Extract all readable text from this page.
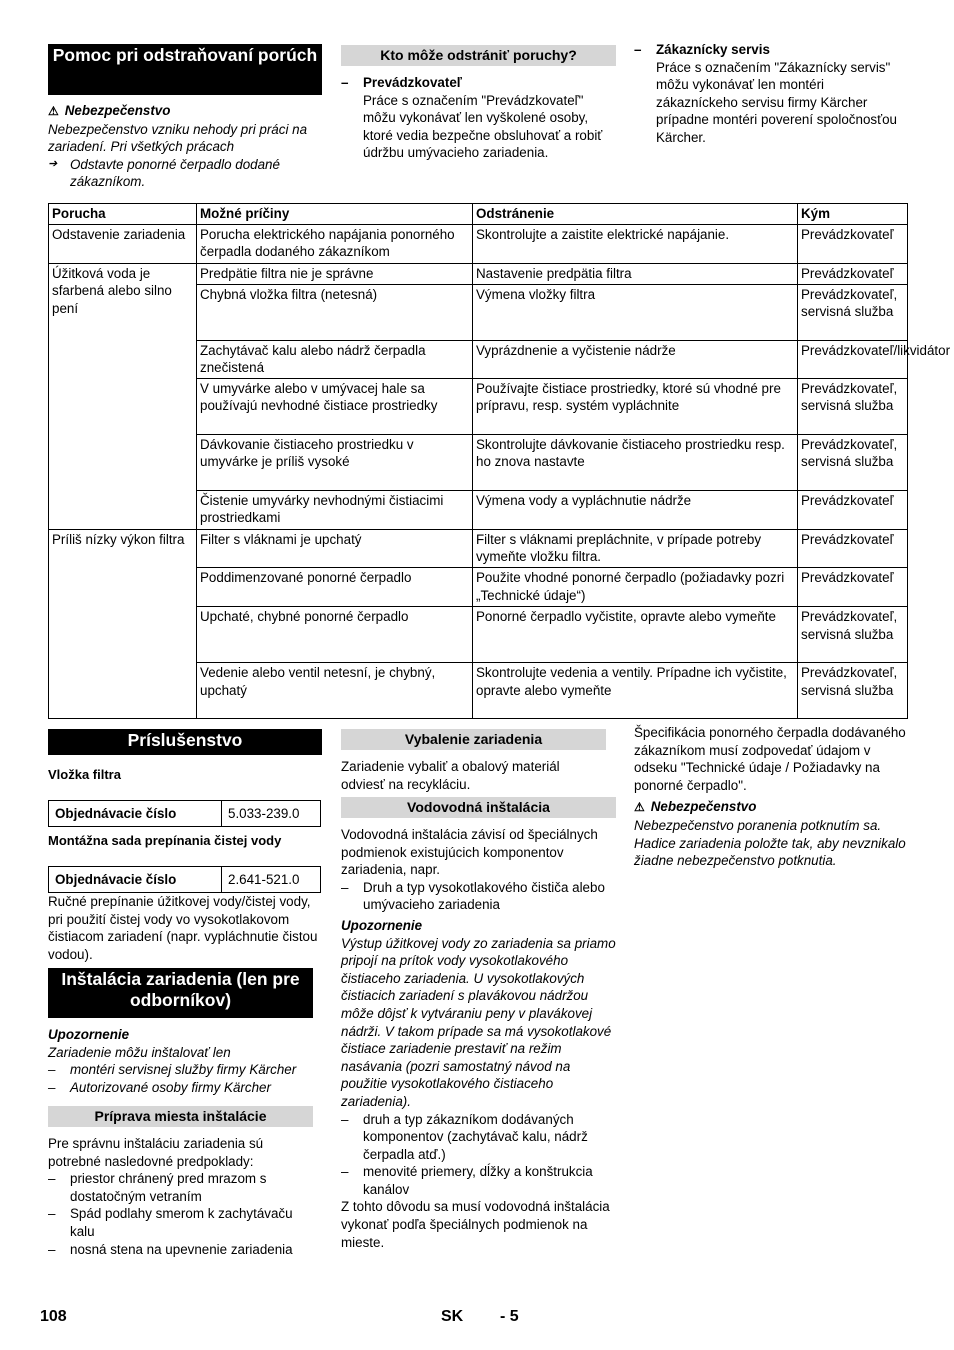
Pomoc pri odstraňovaní porúch

⚠ Nebezpečenstvo

Nebezpečenstvo vzniku nehody pri práci na zariadení. Pri všetkých prácach

➔ Odstavte ponorné čerpadlo dodané zákazníkom.

Kto môže odstrániť poruchy?

– Prevádzkovateľ

Práce s označením "Prevádzkovateľ" môžu vykonávať len vyškolené osoby, ktoré vedia bezpečne obsluhovať a robiť údržbu umývacieho zariadenia.

– Zákaznícky servis

Práce s označením "Zákaznícky servis" môžu vykonávať len montéri zákazníckeho servisu firmy Kärcher prípadne montéri poverení spoločnosťou Kärcher.

Porucha	Možné príčiny	Odstránenie	Kým
Odstavenie zariadenia	Porucha elektrického napájania ponorného čerpadla dodaného zákazníkom	Skontrolujte a zaistite elektrické napájanie.	Prevádzkovateľ
Úžitková voda je sfarbená alebo silno pení	Predpätie filtra nie je správne	Nastavenie predpätia filtra	Prevádzkovateľ
	Chybná vložka filtra (netesná)	Výmena vložky filtra	Prevádzkovateľ, servisná služba
	Zachytávač kalu alebo nádrž čerpadla znečistená	Vyprázdnenie a vyčistenie nádrže	Prevádzkovateľ/likvidátor
	V umyvárke alebo v umývacej hale sa používajú nevhodné čistiace prostriedky	Používajte čistiace prostriedky, ktoré sú vhodné pre prípravu, resp. systém vypláchnite	Prevádzkovateľ, servisná služba
	Dávkovanie čistiaceho prostriedku v umyvárke je príliš vysoké	Skontrolujte dávkovanie čistiaceho prostriedku resp. ho znova nastavte	Prevádzkovateľ, servisná služba
	Čistenie umyvárky nevhodnými čistiacimi prostriedkami	Výmena vody a vypláchnutie nádrže	Prevádzkovateľ
Príliš nízky výkon filtra	Filter s vláknami je upchatý	Filter s vláknami prepláchnite, v prípade potreby vymeňte vložku filtra.	Prevádzkovateľ
	Poddimenzované ponorné čerpadlo	Použite vhodné ponorné čerpadlo (požiadavky pozri „Technické údaje“)	Prevádzkovateľ
	Upchaté, chybné ponorné čerpadlo	Ponorné čerpadlo vyčistite, opravte alebo vymeňte	Prevádzkovateľ, servisná služba
	Vedenie alebo ventil netesní, je chybný, upchatý	Skontrolujte vedenia a ventily. Prípadne ich vyčistite, opravte alebo vymeňte	Prevádzkovateľ, servisná služba
Príslušenstvo
Vložka filtra
Objednávacie číslo	5.033-239.0
Montážna sada prepínania čistej vody
Objednávacie číslo	2.641-521.0

Ručné prepínanie úžitkovej vody/čistej vody, pri použití čistej vody vo vysokotlakovom čistiacom zariadení (napr. vypláchnutie čistou vodou).

Inštalácia zariadenia (len pre odborníkov)

Upozornenie

Zariadenie môžu inštalovať len

– montéri servisnej služby firmy Kärcher

– Autorizované osoby firmy Kärcher

Príprava miesta inštalácie

Pre správnu inštaláciu zariadenia sú potrebné nasledovné predpoklady:

– priestor chránený pred mrazom s dostatočným vetraním

– Spád podlahy smerom k zachytávaču kalu

– nosná stena na upevnenie zariadenia

Vybalenie zariadenia

Zariadenie vybaliť a obalový materiál odviesť na recykláciu.

Vodovodná inštalácia

Vodovodná inštalácia závisí od špeciálnych podmienok existujúcich komponentov zariadenia, napr.

– Druh a typ vysokotlakového čističa alebo umývacieho zariadenia

Upozornenie

Výstup úžitkovej vody zo zariadenia sa priamo pripojí na prítok vody vysokotlakového čistiaceho zariadenia. U vysokotlakových čistiacich zariadení s plavákovou nádržou môže dôjsť k vytváraniu peny v plavákovej nádrži. V takom prípade sa má vysokotlakové čistiace zariadenie prestaviť na režim nasávania (pozri samostatný návod na použitie vysokotlakového čistiaceho zariadenia).

– druh a typ zákazníkom dodávaných komponentov (zachytávač kalu, nádrž čerpadla atď.)

– menovité priemery, dĺžky a konštrukcia kanálov

Z tohto dôvodu sa musí vodovodná inštalácia vykonať podľa špeciálnych podmienok na mieste.

Špecifikácia ponorného čerpadla dodávaného zákazníkom musí zodpovedať údajom v odseku "Technické údaje / Požiadavky na ponorné čerpadlo".

⚠ Nebezpečenstvo

Nebezpečenstvo poranenia potknutím sa. Hadice zariadenia položte tak, aby nevznikalo žiadne nebezpečenstvo potknutia.

108	SK - 5
